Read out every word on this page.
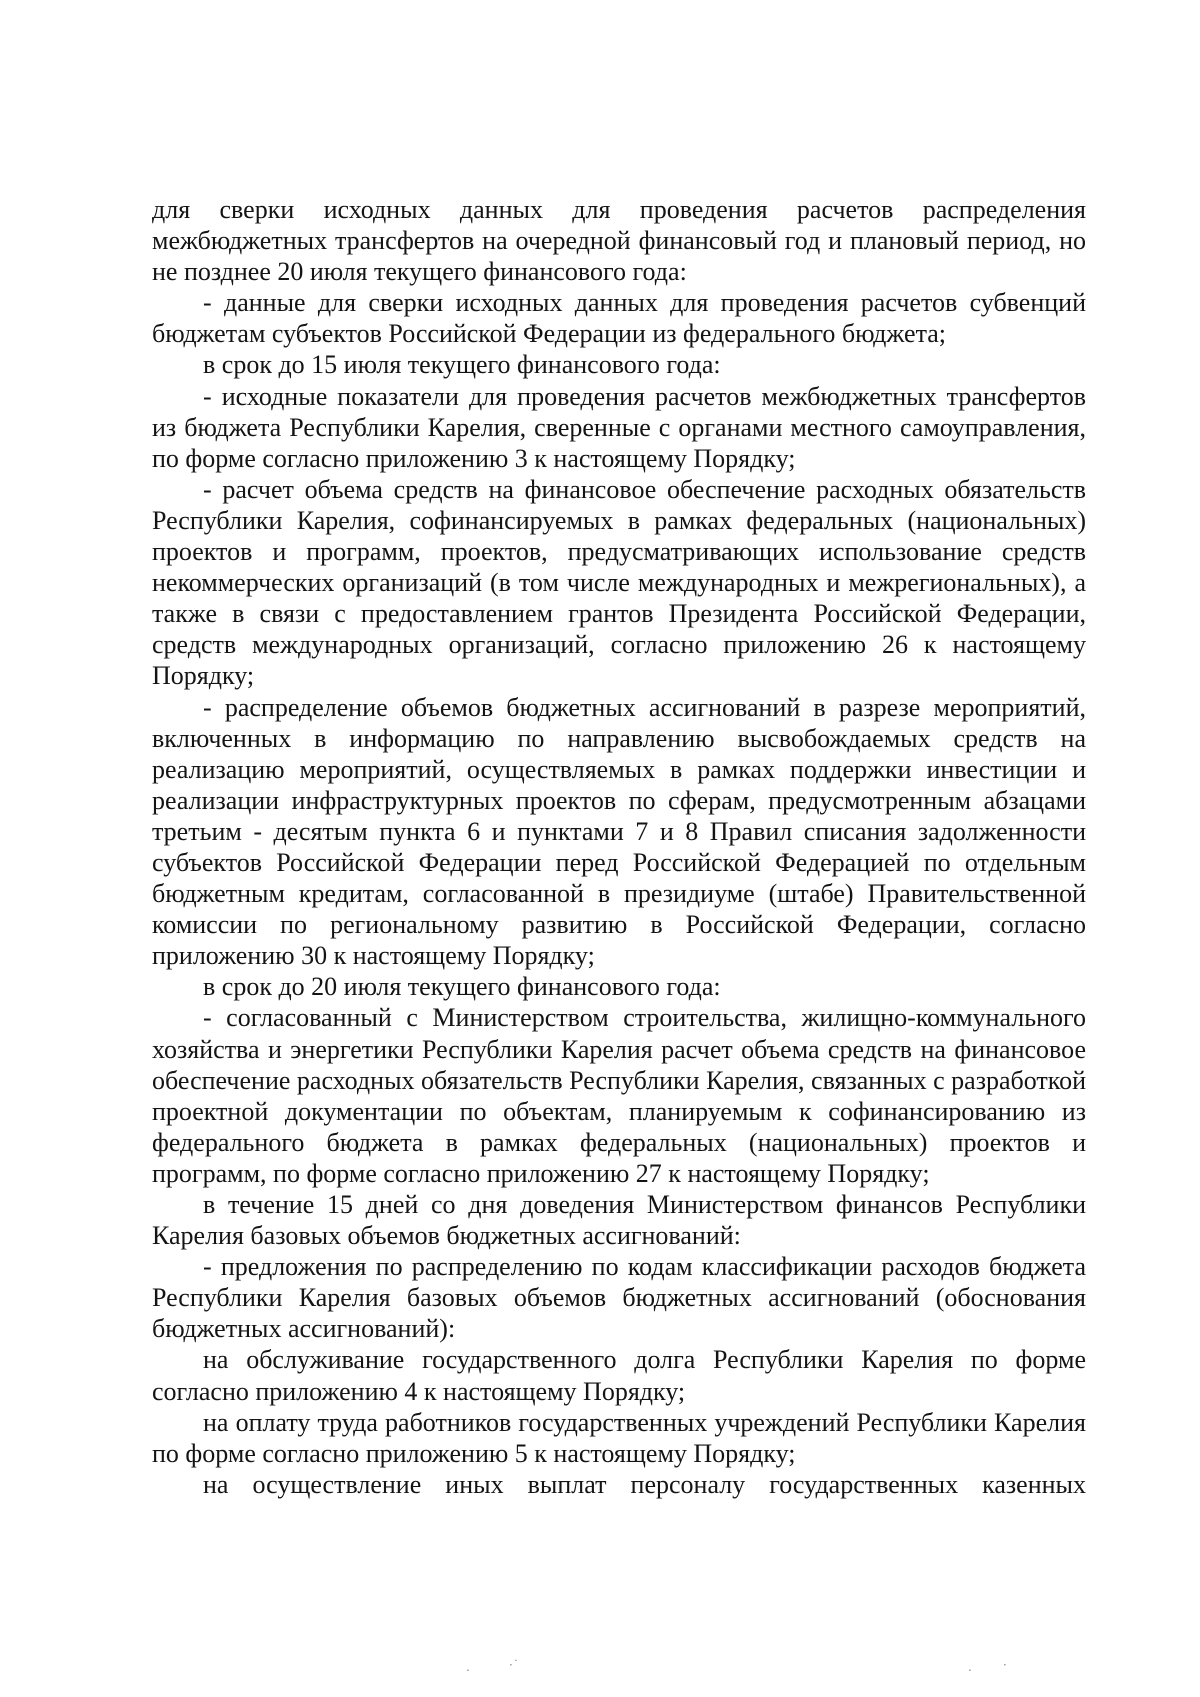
для сверки исходных данных для проведения расчетов распределения межбюджетных трансфертов на очередной финансовый год и плановый период, но не позднее 20 июля текущего финансового года:

- данные для сверки исходных данных для проведения расчетов субвенций бюджетам субъектов Российской Федерации из федерального бюджета;

в срок до 15 июля текущего финансового года:

- исходные показатели для проведения расчетов межбюджетных трансфертов из бюджета Республики Карелия, сверенные с органами местного самоуправления, по форме согласно приложению 3 к настоящему Порядку;

- расчет объема средств на финансовое обеспечение расходных обязательств Республики Карелия, софинансируемых в рамках федеральных (национальных) проектов и программ, проектов, предусматривающих использование средств некоммерческих организаций (в том числе международных и межрегиональных), а также в связи с предоставлением грантов Президента Российской Федерации, средств международных организаций, согласно приложению 26 к настоящему Порядку;

- распределение объемов бюджетных ассигнований в разрезе мероприятий, включенных в информацию по направлению высвобождаемых средств на реализацию мероприятий, осуществляемых в рамках поддержки инвестиции и реализации инфраструктурных проектов по сферам, предусмотренным абзацами третьим - десятым пункта 6 и пунктами 7 и 8 Правил списания задолженности субъектов Российской Федерации перед Российской Федерацией по отдельным бюджетным кредитам, согласованной в президиуме (штабе) Правительственной комиссии по региональному развитию в Российской Федерации, согласно приложению 30 к настоящему Порядку;

в срок до 20 июля текущего финансового года:

- согласованный с Министерством строительства, жилищно-коммунального хозяйства и энергетики Республики Карелия расчет объема средств на финансовое обеспечение расходных обязательств Республики Карелия, связанных с разработкой проектной документации по объектам, планируемым к софинансированию из федерального бюджета в рамках федеральных (национальных) проектов и программ, по форме согласно приложению 27 к настоящему Порядку;

в течение 15 дней со дня доведения Министерством финансов Республики Карелия базовых объемов бюджетных ассигнований:

- предложения по распределению по кодам классификации расходов бюджета Республики Карелия базовых объемов бюджетных ассигнований (обоснования бюджетных ассигнований):

на обслуживание государственного долга Республики Карелия по форме согласно приложению 4 к настоящему Порядку;

на оплату труда работников государственных учреждений Республики Карелия по форме согласно приложению 5 к настоящему Порядку;

на осуществление иных выплат персоналу государственных казенных

.	·˙	.	·
